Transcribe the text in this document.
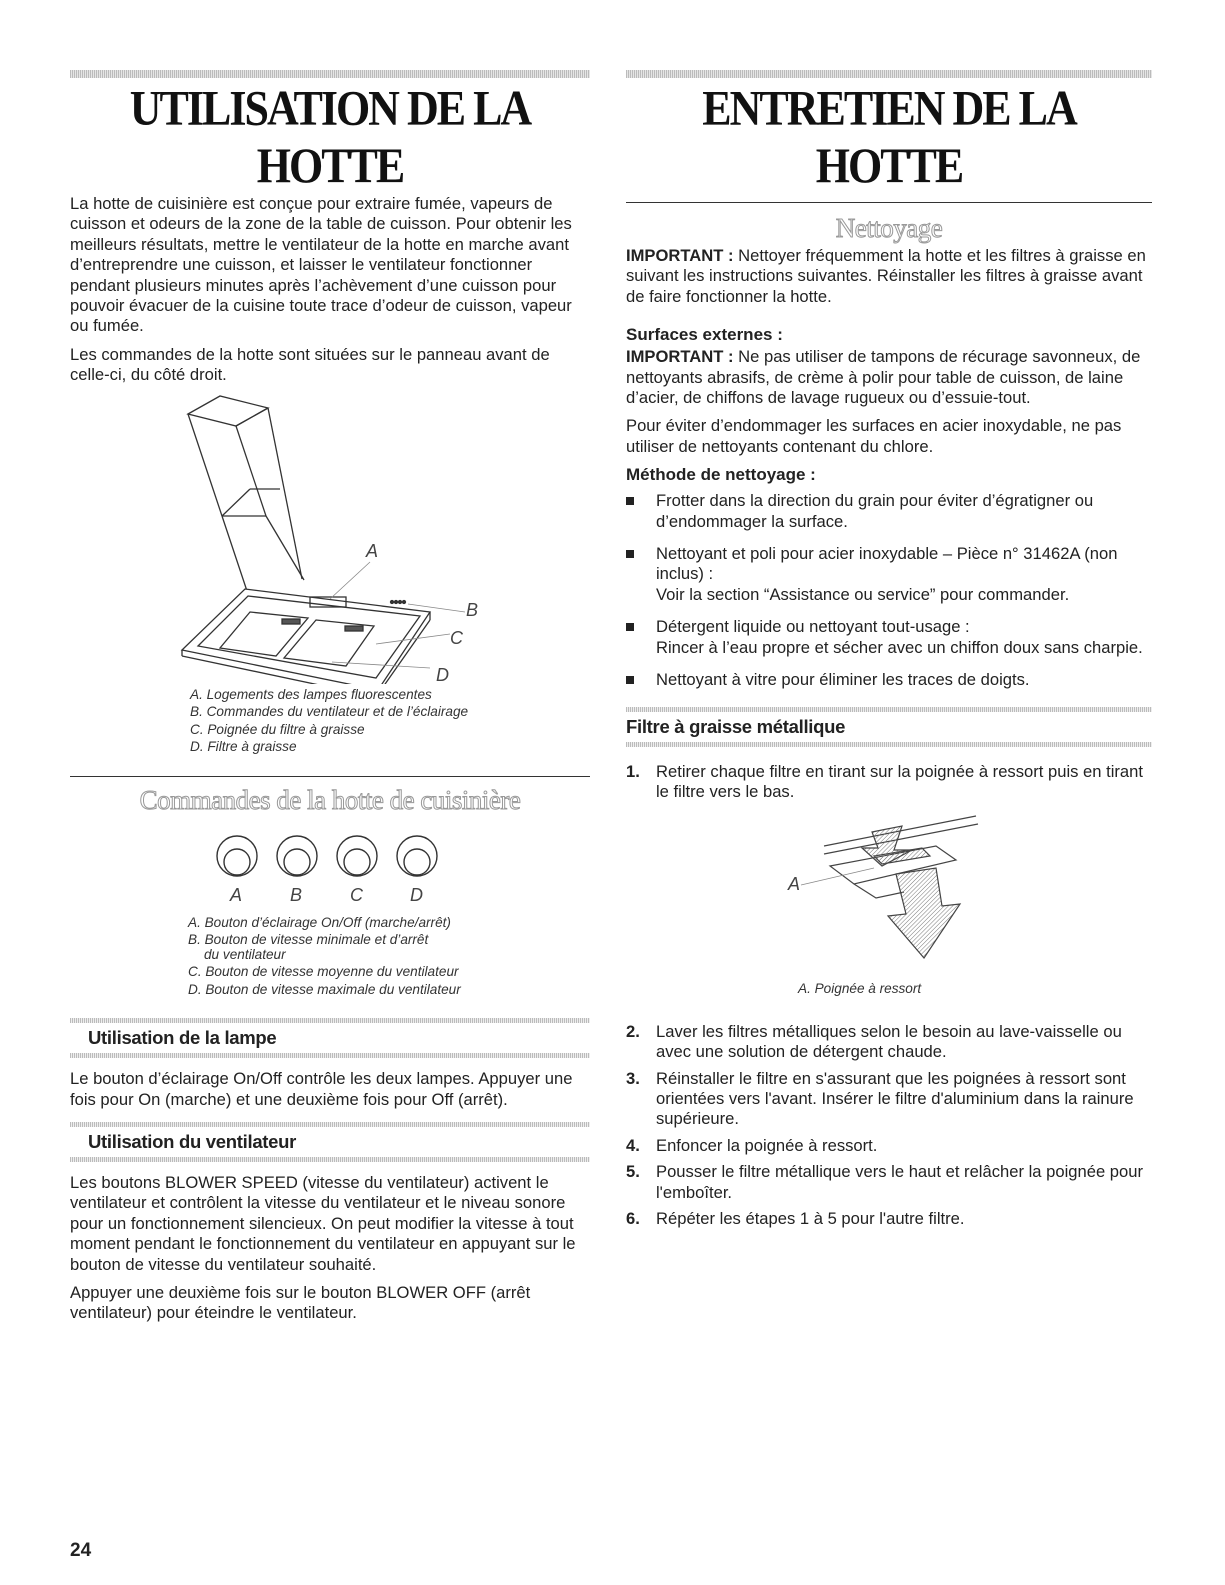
UTILISATION DE LA HOTTE

La hotte de cuisinière est conçue pour extraire fumée, vapeurs de cuisson et odeurs de la zone de la table de cuisson. Pour obtenir les meilleurs résultats, mettre le ventilateur de la hotte en marche avant d’entreprendre une cuisson, et laisser le ventilateur fonctionner pendant plusieurs minutes après l’achèvement d’une cuisson pour pouvoir évacuer de la cuisine toute trace d’odeur de cuisson, vapeur ou fumée.

Les commandes de la hotte sont situées sur le panneau avant de celle-ci, du côté droit.

A
B
C
D
A. Logements des lampes fluorescentes
B. Commandes du ventilateur et de l’éclairage
C. Poignée du filtre à graisse
D. Filtre à graisse
Commandes de la hotte de cuisinière
A	B	C	D
A. Bouton d’éclairage On/Off (marche/arrêt)
B. Bouton de vitesse minimale et d’arrêt
du ventilateur
C. Bouton de vitesse moyenne du ventilateur
D. Bouton de vitesse maximale du ventilateur
Utilisation de la lampe

Le bouton d’éclairage On/Off contrôle les deux lampes. Appuyer une fois pour On (marche) et une deuxième fois pour Off (arrêt).

Utilisation du ventilateur

Les boutons BLOWER SPEED (vitesse du ventilateur) activent le ventilateur et contrôlent la vitesse du ventilateur et le niveau sonore pour un fonctionnement silencieux. On peut modifier la vitesse à tout moment pendant le fonctionnement du ventilateur en appuyant sur le bouton de vitesse du ventilateur souhaité.

Appuyer une deuxième fois sur le bouton BLOWER OFF (arrêt ventilateur) pour éteindre le ventilateur.

ENTRETIEN DE LA HOTTE
Nettoyage

IMPORTANT : Nettoyer fréquemment la hotte et les filtres à graisse en suivant les instructions suivantes. Réinstaller les filtres à graisse avant de faire fonctionner la hotte.

Surfaces externes :

IMPORTANT : Ne pas utiliser de tampons de récurage savonneux, de nettoyants abrasifs, de crème à polir pour table de cuisson, de laine d’acier, de chiffons de lavage rugueux ou d’essuie-tout.

Pour éviter d’endommager les surfaces en acier inoxydable, ne pas utiliser de nettoyants contenant du chlore.

Méthode de nettoyage :
Frotter dans la direction du grain pour éviter d’égratigner ou d’endommager la surface.
Nettoyant et poli pour acier inoxydable – Pièce n° 31462A (non inclus) :
Voir la section “Assistance ou service” pour commander.
Détergent liquide ou nettoyant tout-usage :
Rincer à l’eau propre et sécher avec un chiffon doux sans charpie.
Nettoyant à vitre pour éliminer les traces de doigts.
Filtre à graisse métallique
1. Retirer chaque filtre en tirant sur la poignée à ressort puis en tirant le filtre vers le bas.
A
A. Poignée à ressort
2. Laver les filtres métalliques selon le besoin au lave-vaisselle ou avec une solution de détergent chaude.
3. Réinstaller le filtre en s'assurant que les poignées à ressort sont orientées vers l'avant. Insérer le filtre d'aluminium dans la rainure supérieure.
4. Enfoncer la poignée à ressort.
5. Pousser le filtre métallique vers le haut et relâcher la poignée pour l'emboîter.
6. Répéter les étapes 1 à 5 pour l'autre filtre.
24
